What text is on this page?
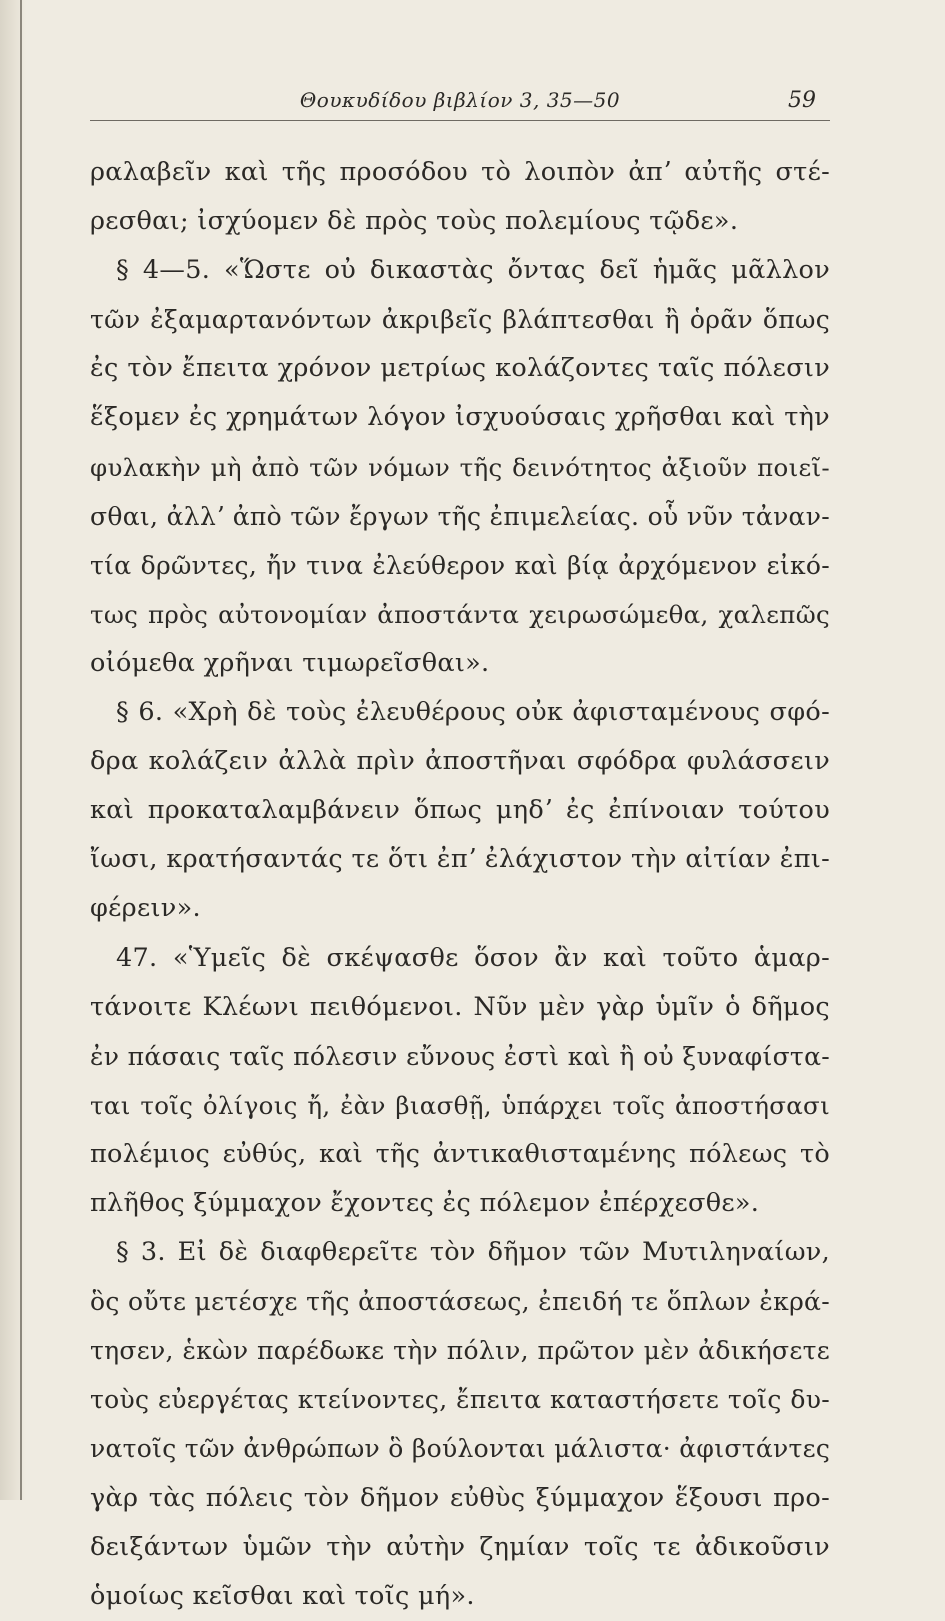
Θουκυδίδου βιβλίον 3, 35—50	59
ραλαβεῖν καὶ τῆς προσόδου τὸ λοιπὸν ἀπʼ αὐτῆς στέ-
ρεσθαι; ἰσχύομεν δὲ πρὸς τοὺς πολεμίους τῷδε».
§ 4—5. «Ὥστε οὐ δικαστὰς ὄντας δεῖ ἡμᾶς μᾶλλον
τῶν ἐξαμαρτανόντων ἀκριβεῖς βλάπτεσθαι ἢ ὁρᾶν ὅπως
ἐς τὸν ἔπειτα χρόνον μετρίως κολάζοντες ταῖς πόλεσιν
ἕξομεν ἐς χρημάτων λόγον ἰσχυούσαις χρῆσθαι καὶ τὴν
φυλακὴν μὴ ἀπὸ τῶν νόμων τῆς δεινότητος ἀξιοῦν ποιεῖ-
σθαι, ἀλλʼ ἀπὸ τῶν ἔργων τῆς ἐπιμελείας. οὗ νῦν τἀναν-
τία δρῶντες, ἤν τινα ἐλεύθερον καὶ βίᾳ ἀρχόμενον εἰκό-
τως πρὸς αὐτονομίαν ἀποστάντα χειρωσώμεθα, χαλεπῶς
οἰόμεθα χρῆναι τιμωρεῖσθαι».
§ 6. «Χρὴ δὲ τοὺς ἐλευθέρους οὐκ ἀφισταμένους σφό-
δρα κολάζειν ἀλλὰ πρὶν ἀποστῆναι σφόδρα φυλάσσειν
καὶ προκαταλαμβάνειν ὅπως μηδʼ ἐς ἐπίνοιαν τούτου
ἴωσι, κρατήσαντάς τε ὅτι ἐπʼ ἐλάχιστον τὴν αἰτίαν ἐπι-
φέρειν».
47. «Ὑμεῖς δὲ σκέψασθε ὅσον ἂν καὶ τοῦτο ἁμαρ-
τάνοιτε Κλέωνι πειθόμενοι. Νῦν μὲν γὰρ ὑμῖν ὁ δῆμος
ἐν πάσαις ταῖς πόλεσιν εὔνους ἐστὶ καὶ ἢ οὐ ξυναφίστα-
ται τοῖς ὀλίγοις ἤ, ἐὰν βιασθῇ, ὑπάρχει τοῖς ἀποστήσασι
πολέμιος εὐθύς, καὶ τῆς ἀντικαθισταμένης πόλεως τὸ
πλῆθος ξύμμαχον ἔχοντες ἐς πόλεμον ἐπέρχεσθε».
§ 3. Εἰ δὲ διαφθερεῖτε τὸν δῆμον τῶν Μυτιληναίων,
ὃς οὔτε μετέσχε τῆς ἀποστάσεως, ἐπειδή τε ὅπλων ἐκρά-
τησεν, ἑκὼν παρέδωκε τὴν πόλιν, πρῶτον μὲν ἀδικήσετε
τοὺς εὐεργέτας κτείνοντες, ἔπειτα καταστήσετε τοῖς δυ-
νατοῖς τῶν ἀνθρώπων ὃ βούλονται μάλιστα· ἀφιστάντες
γὰρ τὰς πόλεις τὸν δῆμον εὐθὺς ξύμμαχον ἕξουσι προ-
δειξάντων ὑμῶν τὴν αὐτὴν ζημίαν τοῖς τε ἀδικοῦσιν
ὁμοίως κεῖσθαι καὶ τοῖς μή».
